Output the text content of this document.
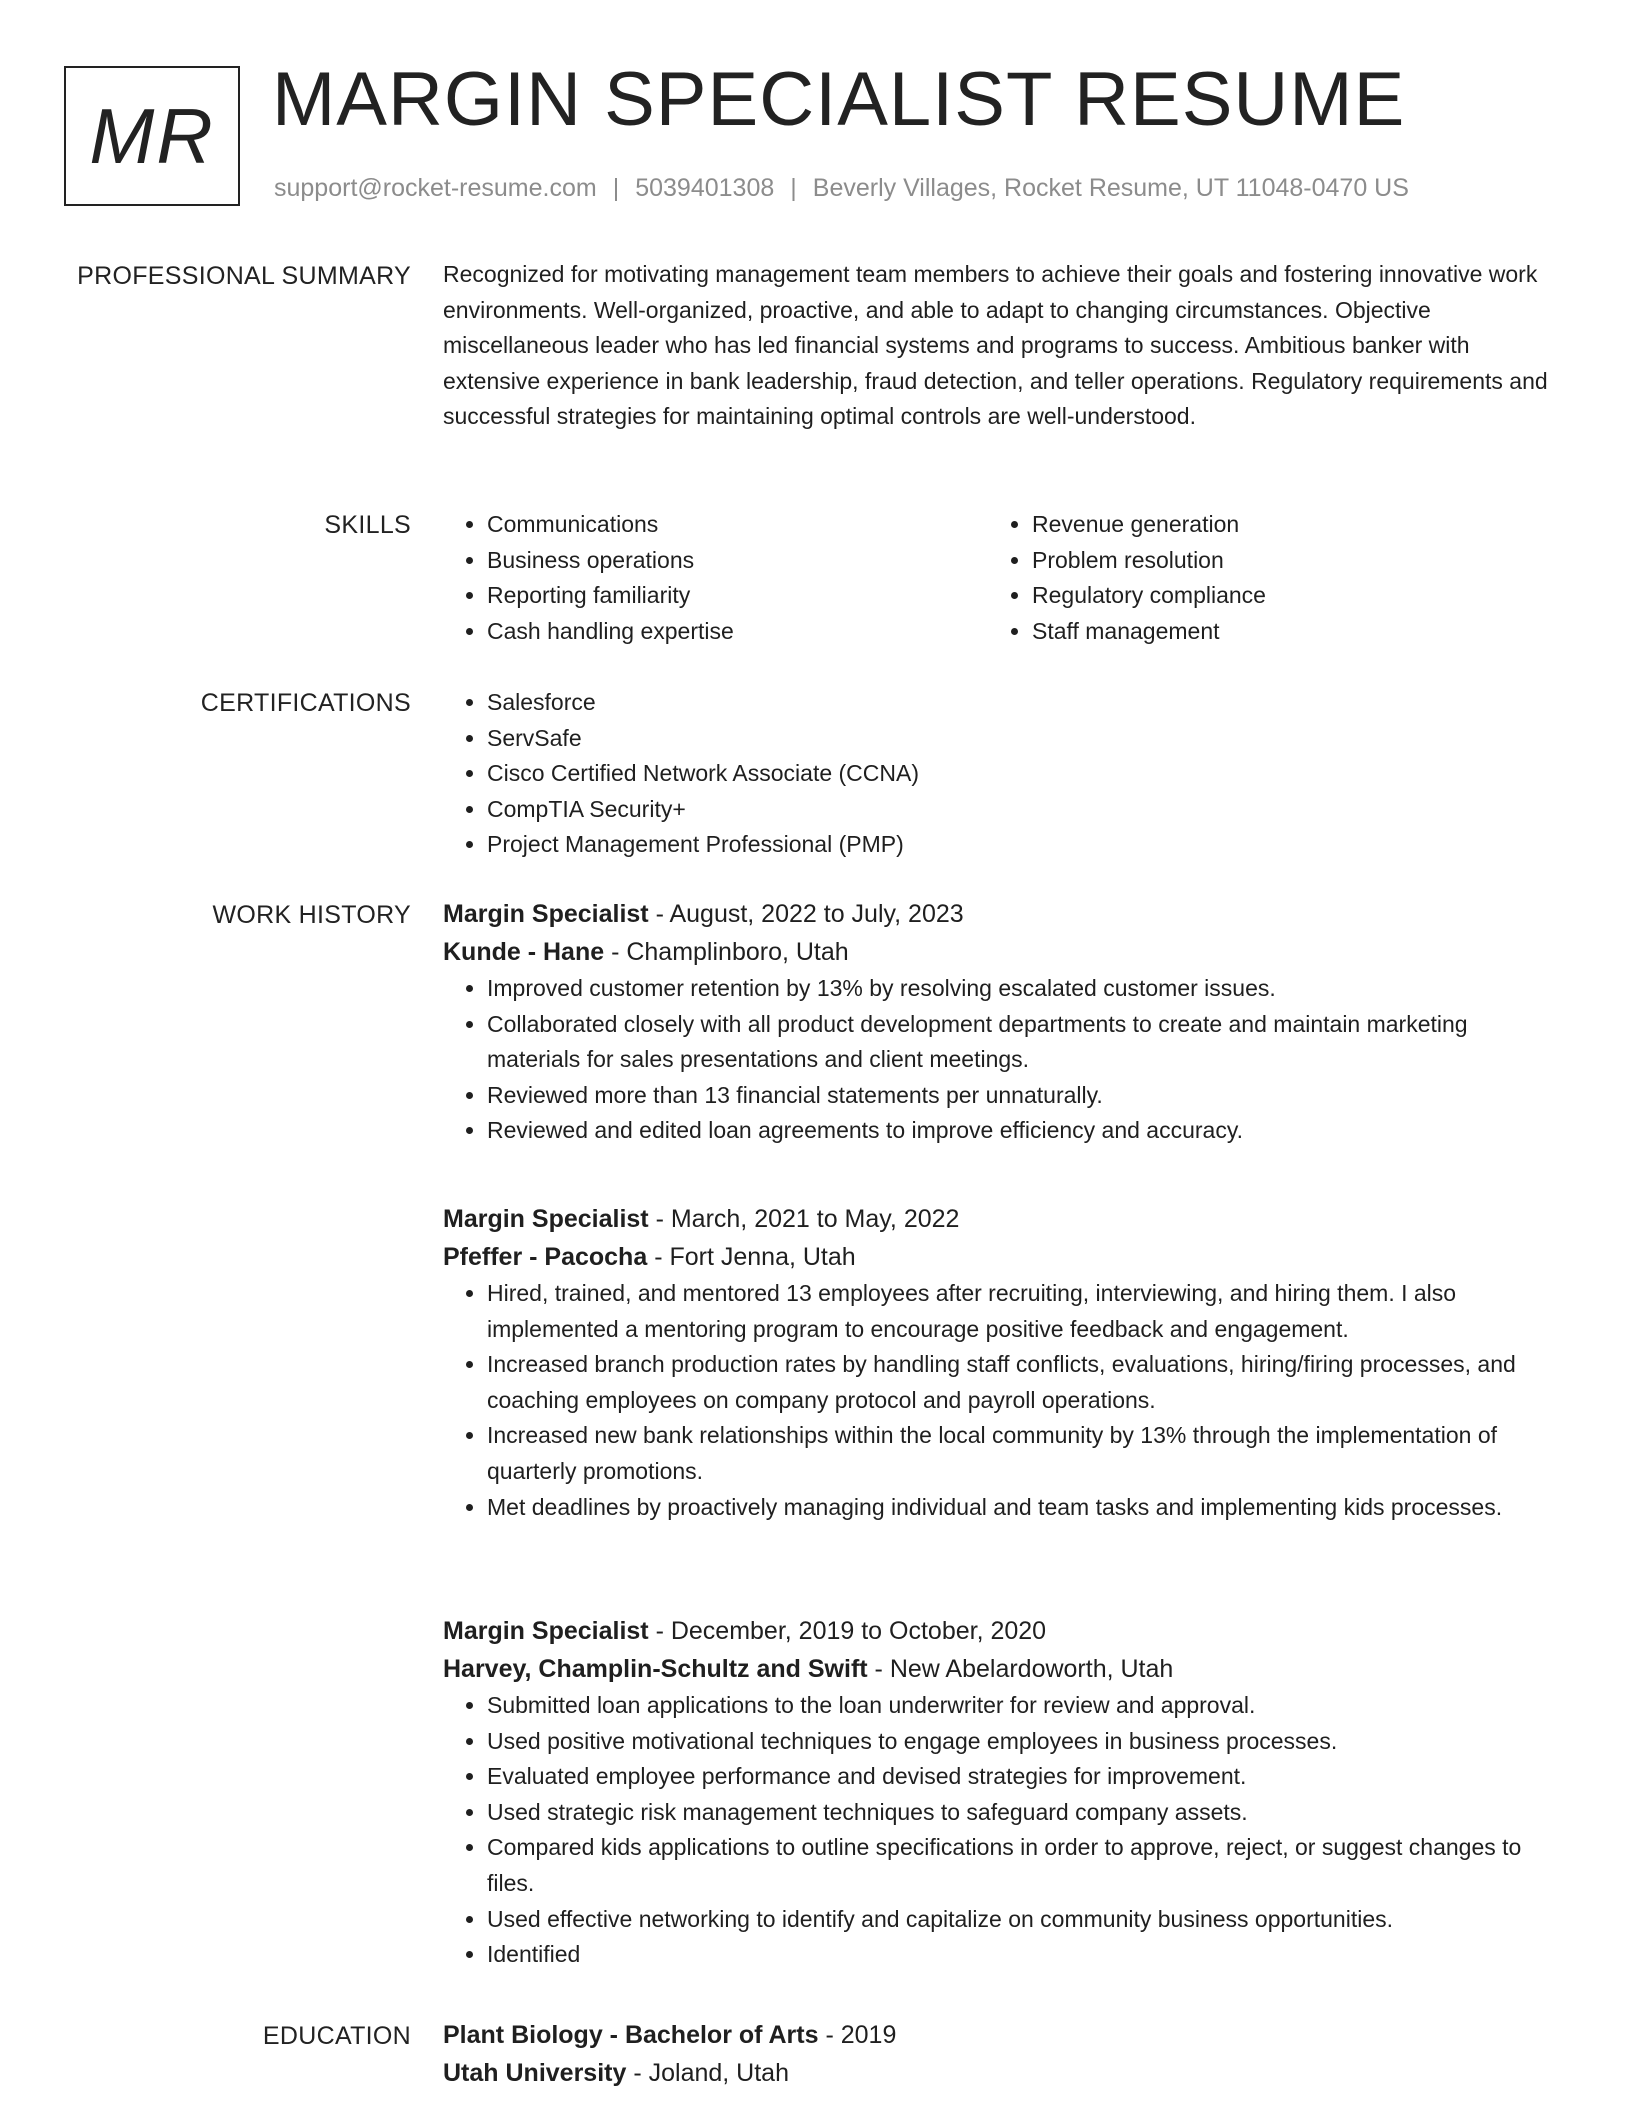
MR MARGIN SPECIALIST RESUME
support@rocket-resume.com | 5039401308 | Beverly Villages, Rocket Resume, UT 11048-0470 US
PROFESSIONAL SUMMARY Recognized for motivating management team members to achieve their goals and fostering innovative work environments. Well-organized, proactive, and able to adapt to changing circumstances. Objective miscellaneous leader who has led financial systems and programs to success. Ambitious banker with extensive experience in bank leadership, fraud detection, and teller operations. Regulatory requirements and successful strategies for maintaining optimal controls are well-understood.

SKILLS	• Communications
• Business operations
• Reporting familiarity
• Cash handling expertise
• Revenue generation
• Problem resolution
• Regulatory compliance
• Staff management
CERTIFICATIONS	• Salesforce
• ServSafe
• Cisco Certified Network Associate (CCNA)
• CompTIA Security+
• Project Management Professional (PMP)
WORK HISTORY Margin Specialist - August, 2022 to July, 2023
Kunde - Hane - Champlinboro, Utah
• Improved customer retention by 13% by resolving escalated customer issues.
• Collaborated closely with all product development departments to create and maintain marketing materials for sales presentations and client meetings.
• Reviewed more than 13 financial statements per unnaturally.
• Reviewed and edited loan agreements to improve efficiency and accuracy.
Margin Specialist - March, 2021 to May, 2022
Pfeffer - Pacocha - Fort Jenna, Utah
• Hired, trained, and mentored 13 employees after recruiting, interviewing, and hiring them. I also implemented a mentoring program to encourage positive feedback and engagement.
• Increased branch production rates by handling staff conflicts, evaluations, hiring/firing processes, and coaching employees on company protocol and payroll operations.
• Increased new bank relationships within the local community by 13% through the implementation of quarterly promotions.
• Met deadlines by proactively managing individual and team tasks and implementing kids processes.
Margin Specialist - December, 2019 to October, 2020
Harvey, Champlin-Schultz and Swift - New Abelardoworth, Utah
• Submitted loan applications to the loan underwriter for review and approval.
• Used positive motivational techniques to engage employees in business processes.
• Evaluated employee performance and devised strategies for improvement.
• Used strategic risk management techniques to safeguard company assets.
• Compared kids applications to outline specifications in order to approve, reject, or suggest changes to files.
• Used effective networking to identify and capitalize on community business opportunities.
• Identified
EDUCATION Plant Biology - Bachelor of Arts - 2019
Utah University - Joland, Utah
